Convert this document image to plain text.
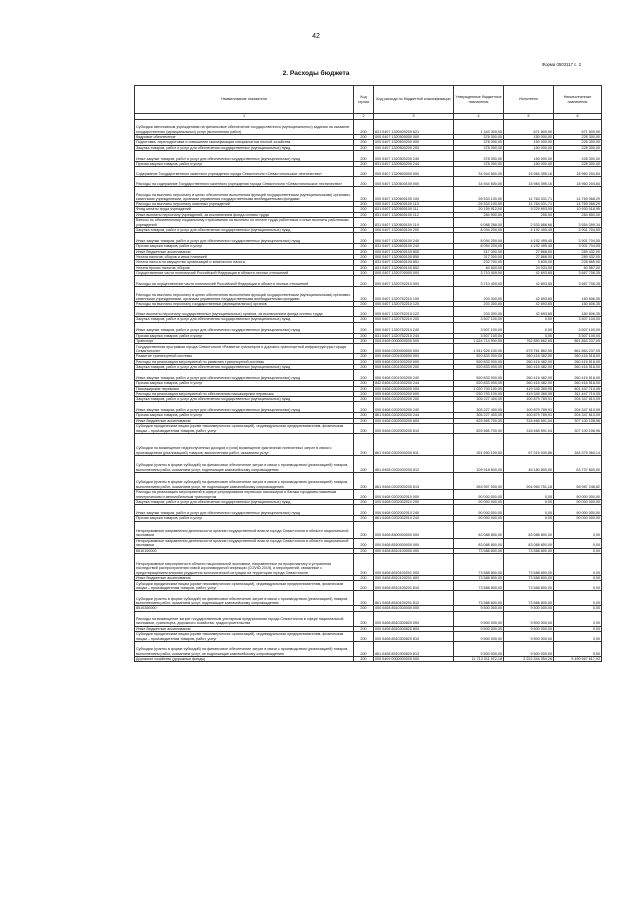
42
Форма 0503117 с. 2
2. Расходы бюджета
Наименование показателя	Код строки	Код расхода по бюджетной классификации	Утвержденные бюджетные назначения	Исполнено	Неисполненные назначения
1	2	3	4	5	6
Субсидии автономным учреждениям на финансовое обеспечение государственного (муниципального) задания на оказание государственных (муниципальных) услуг (выполнение работ)	200	831 0407 1320400200 621	1 343 300,00	671 800,00	671 500,00
Кадровое обеспечение	200	000 0407 1320500000 000	378 300,00	150 000,00	228 300,00
Подготовка, переподготовка и повышение квалификации специалистов лесной хозяйства	200	000 0407 1320500200 000	378 300,00	150 000,00	228 300,00
Закупка товаров, работ и услуг для обеспечения государственных (муниципальных) нужд	200	000 0407 1320500200 200	378 300,00	150 000,00	228 300,00
Иные закупки товаров, работ и услуг для обеспечения государственных (муниципальных) нужд	200	000 0407 1320500200 240	378 300,00	150 000,00	228 300,00
Прочая закупка товаров, работ и услуг	200	831 0407 1320500200 244	378 300,00	150 000,00	228 300,00
Содержание Государственного казенного учреждения города Севастополя «Севастопольское лесничество»	200	000 0407 1320600000 000	34 944 600,00	15 984 395,16	18 960 204,84
Расходы на содержание Государственного казенного учреждения города Севастополя «Севастопольское лесничество»	200	000 0407 1320600100 000	34 944 600,00	15 984 395,16	18 960 204,84
Расходы на выплаты персоналу в целях обеспечения выполнения функций государственными (муниципальными) органами, казенными учреждениями, органами управления государственными внебюджетными фондами	200	000 0407 1320600100 100	26 533 100,00	11 764 031,71	14 769 068,29
Расходы на выплаты персоналу казенных учреждений	200	000 0407 1320600100 110	26 533 100,00	11 764 031,71	14 769 068,29
Фонд оплаты труда учреждений	200	831 0407 1320600100 111	20 159 912,00	9 229 893,05	10 930 018,95
Иные выплаты персоналу учреждений, за исключением фонда оплаты труда	200	831 0407 1320600100 112	284 900,00	255,00	284 650,00
Взносы по обязательному социальному страхованию на выплаты по оплате труда работников и иные выплаты работникам учреждений	200	831 0407 1320600100 119	6 088 288,00	2 533 888,66	3 554 399,34
Закупка товаров, работ и услуг для обеспечения государственных (муниципальных) нужд	200	000 0407 1320600100 200	8 094 200,00	4 192 495,45	3 901 704,55
Иные закупки товаров, работ и услуг для обеспечения государственных (муниципальных) нужд	200	000 0407 1320600100 240	8 094 200,00	4 192 495,45	3 901 704,55
Прочая закупка товаров, работ и услуг	200	831 0407 1320600100 244	8 094 200,00	4 192 495,45	3 901 704,55
Иные бюджетные ассигнования	200	000 0407 1320600100 800	317 300,00	27 868,00	289 432,00
Уплата налогов, сборов и иных платежей	200	000 0407 1320600100 850	317 300,00	27 868,00	289 432,00
Уплата налога на имущество организаций и земельного налога	200	831 0407 1320600100 851	232 700,00	3 835,00	228 865,00
Уплата прочих налогов, сборов	200	831 0407 1320600100 852	84 600,00	24 033,00	60 567,00
Осуществление части полномочий Российской Федерации в области лесных отношений	200	000 0407 1320700000 000	3 710 400,00	42 693,65	3 667 706,35
Расходы на осуществление части полномочий Российской Федерации в области лесных отношений	200	000 0407 1320752210 000	3 710 400,00	42 693,65	3 667 706,35
Расходы на выплаты персоналу в целях обеспечения выполнения функций государственными (муниципальными) органами, казенными учреждениями, органами управления государственными внебюджетными фондами	200	000 0407 1320752210 100	203 300,00	42 693,65	160 606,35
Расходы на выплаты персоналу государственных (муниципальных) органов	200	000 0407 1320752210 120	203 300,00	42 693,65	160 606,35
Иные выплаты персоналу государственных (муниципальных) органов, за исключением фонда оплаты труда	200	000 0407 1320752210 122	203 300,00	42 693,65	160 606,35
Закупка товаров, работ и услуг для обеспечения государственных (муниципальных) нужд	200	000 0407 1320752210 200	3 507 100,00	0,00	3 507 100,00
Иные закупки товаров, работ и услуг для обеспечения государственных (муниципальных) нужд	200	000 0407 1320752210 240	3 507 100,00	0,00	3 507 100,00
Прочая закупка товаров, работ и услуг	200	831 0407 1320752210 244	3 507 100,00	0,00	3 507 100,00
Транспорт	200	000 0408 0000000000 000	1 624 714 900,00	762 850 662,65	861 864 237,05
Государственная программа города Севастополя «Развитие транспорта и дорожно-транспортной инфраструктуры города Севастополя»	200	000 0408 0200000000 000	1 541 626 100,00	679 761 862,95	861 864 237,05
Развитие транспортной системы	200	000 0408 0201000000 000	520 833 000,00	260 416 482,00	260 416 518,00
Расходы на реализацию мероприятий по развитию транспортной системы	200	000 0408 0201000200 000	520 833 000,00	260 416 482,00	260 416 518,00
Закупка товаров, работ и услуг для обеспечения государственных (муниципальных) нужд	200	000 0408 0201000200 200	520 833 000,00	260 416 482,00	260 416 518,00
Иные закупки товаров, работ и услуг для обеспечения государственных (муниципальных) нужд	200	000 0408 0201000200 240	520 833 000,00	260 416 482,00	260 416 518,00
Прочая закупка товаров, работ и услуг	200	842 0408 0201000200 244	520 833 000,00	260 416 482,00	260 416 518,00
Пассажирские перевозки	200	000 0408 0202000000 000	1 020 793 100,00	419 345 380,95	601 447 719,05
Расходы на реализацию мероприятий по обеспечению пассажирских перевозок	200	000 0408 0202000200 000	930 793 100,00	419 345 380,95	511 447 719,05
Закупка товаров, работ и услуг для обеспечения государственных (муниципальных) нужд	200	000 0408 0202000200 200	305 227 400,00	100 879 789,91	204 347 610,09
Иные закупки товаров, работ и услуг для обеспечения государственных (муниципальных) нужд	200	000 0408 0202000200 240	305 227 400,00	100 879 789,91	204 347 610,09
Прочая закупка товаров, работ и услуг	200	861 0408 0202000200 244	305 227 400,00	100 879 789,91	204 347 610,09
Иные бюджетные ассигнования	200	000 0408 0202000200 800	625 565 700,00	318 465 591,04	307 100 108,96
Субсидии юридическим лицам (кроме некоммерческих организаций), индивидуальным предпринимателям, физическим лицам – производителям товаров, работ, услуг	200	000 0408 0202000200 810	625 565 700,00	318 465 591,04	307 100 108,96
Субсидии на возмещение недополученных доходов и (или) возмещение фактически понесенных затрат в связи с производством (реализацией) товаров, выполнением работ, оказанием услуг	200	861 0408 0202000200 811	251 690 100,00	67 315 039,86	184 375 060,14
Субсидии (гранты в форме субсидий) на финансовое обеспечение затрат в связи с производством (реализацией) товаров, выполнением работ, оказанием услуг, подлежащие казначейскому сопровождению	200	861 0408 0202000200 812	109 918 600,00	46 180 800,00	63 737 800,00
Субсидии (гранты в форме субсидий) на финансовое обеспечение затрат в связи с производством (реализацией) товаров, выполнением работ, оказанием услуг, не подлежащие казначейскому сопровождению	200	861 0408 0202000200 813	263 957 000,00	204 969 751,18	58 987 248,82
Расходы на реализацию мероприятий в сфере регулирования перевозок пассажиров и багажа городским наземным электрическим и автомобильным транспортом	200	000 0408 0202002010 000	90 000 000,00	0,00	90 000 000,00
Закупка товаров, работ и услуг для обеспечения государственных (муниципальных) нужд	200	000 0408 0202002010 200	90 000 000,00	0,00	90 000 000,00
Иные закупки товаров, работ и услуг для обеспечения государственных (муниципальных) нужд	200	000 0408 0202002010 240	90 000 000,00	0,00	90 000 000,00
Прочая закупка товаров, работ и услуг	200	861 0408 0202002010 244	90 000 000,00	0,00	90 000 000,00
Непрограммные направления деятельности органов государственной власти города Севастополя в области национальной экономики	200	000 0408 8500000000 000	83 088 800,00	83 088 800,00	0,00
Непрограммные направления деятельности органов государственной власти города Севастополя в области национальной экономики	200	000 0408 8510000000 000	83 088 800,00	83 088 800,00	0,00
8510100000	200	000 0408 8510100000 000	73 588 800,00	73 588 800,00	0,00
Непрограммные мероприятия в области национальной экономики, направленные на профилактику и устранение последствий распространения новой коронавирусной инфекции (COVID-2019), и мероприятий, связанные с предотвращением влияния ухудшения экономической ситуации на территории города Севастополя	200	000 0408 8510100201 000	73 588 800,00	73 588 800,00	0,00
Иные бюджетные ассигнования	200	000 0408 8510100201 800	73 588 800,00	73 588 800,00	0,00
Субсидии юридическим лицам (кроме некоммерческих организаций), индивидуальным предпринимателям, физическим лицам – производителям товаров, работ, услуг	200	000 0408 8510100201 810	73 588 800,00	73 588 800,00	0,00
Субсидии (гранты в форме субсидий) на финансовое обеспечение затрат в связи с производством (реализацией) товаров, выполнением работ, оказанием услуг, подлежащие казначейскому сопровождению	200	861 0408 8510100201 812	73 588 800,00	73 588 800,00	0,00
8510300000	200	000 0408 8510300000 000	9 500 000,00	9 500 000,00	0,00
Расходы на возмещение затрат государственным унитарным предприятиям города Севастополя в сфере национальной экономики, транспорта, дорожного хозяйства, градостроительства	200	000 0408 8510300820 000	9 500 000,00	9 500 000,00	0,00
Иные бюджетные ассигнования	200	000 0408 8510300820 800	9 500 000,00	9 500 000,00	0,00
Субсидии юридическим лицам (кроме некоммерческих организаций), индивидуальным предпринимателям, физическим лицам – производителям товаров, работ, услуг	200	000 0408 8510300820 810	9 500 000,00	9 500 000,00	0,00
Субсидии (гранты в форме субсидий) на финансовое обеспечение затрат в связи с производством (реализацией) товаров, выполнением работ, оказанием услуг, не подлежащие казначейскому сопровождению	200	861 0408 8510300820 813	9 500 000,00	9 500 000,00	0,00
Дорожное хозяйство (дорожные фонды)	200	000 0409 0000000000 000	11 713 311 972,18	2 222 344 354,26	9 490 967 617,92
